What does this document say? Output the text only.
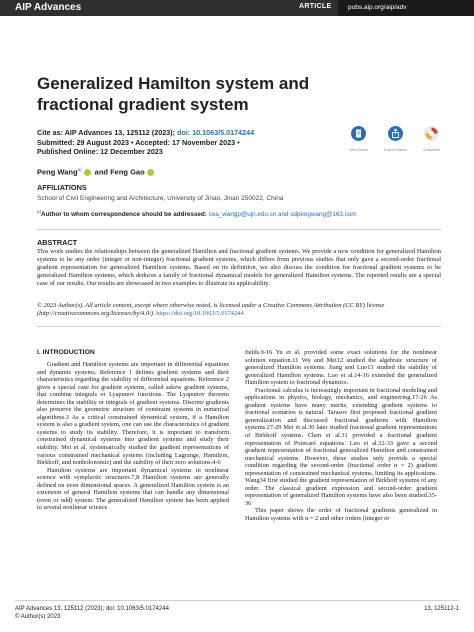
AIP Advances	ARTICLE	pubs.aip.org/aip/adv
Generalized Hamilton system and fractional gradient system
Cite as: AIP Advances 13, 125112 (2023); doi: 10.1063/5.0174244
Submitted: 29 August 2023 • Accepted: 17 November 2023 •
Published Online: 12 December 2023	View Online	Export Citation	CrossMark
Peng Wang$^{a)}$ and Feng Gao
AFFILIATIONS
School of Civil Engineering and Architecture, University of Jinan, Jinan 250022, China
$^{a)}$Author to whom correspondence should be addressed: cea_wangp@ujn.edu.cn and sdpengwang@163.com
ABSTRACT
This work studies the relationships between the generalized Hamilton and fractional gradient systems. We provide a new condition for generalized Hamilton systems to be any order (integer or non-integer) fractional gradient systems, which differs from previous studies that only gave a second-order fractional gradient representation for generalized Hamilton systems. Based on its definition, we also discuss the condition for fractional gradient systems to be generalized Hamilton systems, which deduces a family of fractional dynamical models for generalized Hamilton systems. The reported results are a special case of our results. Our results are showcased in two examples to illustrate its applicability.
© 2023 Author(s). All article content, except where otherwise noted, is licensed under a Creative Commons Attribution (CC BY) license (http://creativecommons.org/licenses/by/4.0/). https://doi.org/10.1063/5.0174244
I. INTRODUCTION

Gradient and Hamilton systems are important in differential equations and dynamic systems. Reference 1 defines gradient systems and their characteristics regarding the stability of differential equations. Reference 2 gives a special case for gradient systems, called askew gradient systems, that combine integrals or Lyapunov functions. The Lyapunov theorem determines the stability or integrals of gradient systems. Discrete gradients also preserve the geometric structure of constraint systems in numerical algorithms.3 As a critical constrained dynamical system, if a Hamilton system is also a gradient system, one can use the characteristics of gradient systems to study its stability. Therefore, it is important to transform constrained dynamical systems into gradient systems and study their stability. Mei et al. systematically studied the gradient representations of various constrained mechanical systems (including Lagrange, Hamilton, Birkhoff, and nonholonomic) and the stability of their zero solutions.4-6

Hamilton systems are important dynamical systems in nonlinear science with symplectic structures.7,8 Hamilton systems are generally defined on even dimensional spaces. A generalized Hamilton system is an extension of general Hamilton systems that can handle any dimensional (even or odd) system. The generalized Hamilton system has been applied to several nonlinear science

fields.9-16 Yu et al. provided some exact solutions for the nonlinear solution equation.11 Wu and Mei12 studied the algebraic structure of generalized Hamilton systems. Jiang and Luo13 studied the stability of generalized Hamilton systems. Luo et al.14-16 extended the generalized Hamilton system to fractional dynamics.

Fractional calculus is increasingly important in fractional modeling and applications in physics, biology, mechanics, and engineering.17-26 As gradient systems have many merits, extending gradient systems to fractional scenarios is natural. Tarasov first proposed fractional gradient generalization and discussed fractional gradients with Hamilton systems.27-29 Mei et al.30 later studied fractional gradient representations of Birkhoff systems. Chen et al.31 provided a fractional gradient representation of Poincaré equations. Luo et al.32-33 gave a second gradient representation of fractional generalized Hamilton and constrained mechanical systems. However, these studies only provide a special condition regarding the second-order (fractional order α = 2) gradient representation of constrained mechanical systems, limiting its applications. Wang34 first studied the gradient representation of Birkhoff systems of any order. The classical gradient expression and second-order gradient representation of generalized Hamilton systems have also been studied.35-36

This paper shows the order of fractional gradients generalized in Hamilton systems with α = 2 and other orders (integer or

AIP Advances 13, 125112 (2023); doi: 10.1063/5.0174244
© Author(s) 2023
13, 125112-1
